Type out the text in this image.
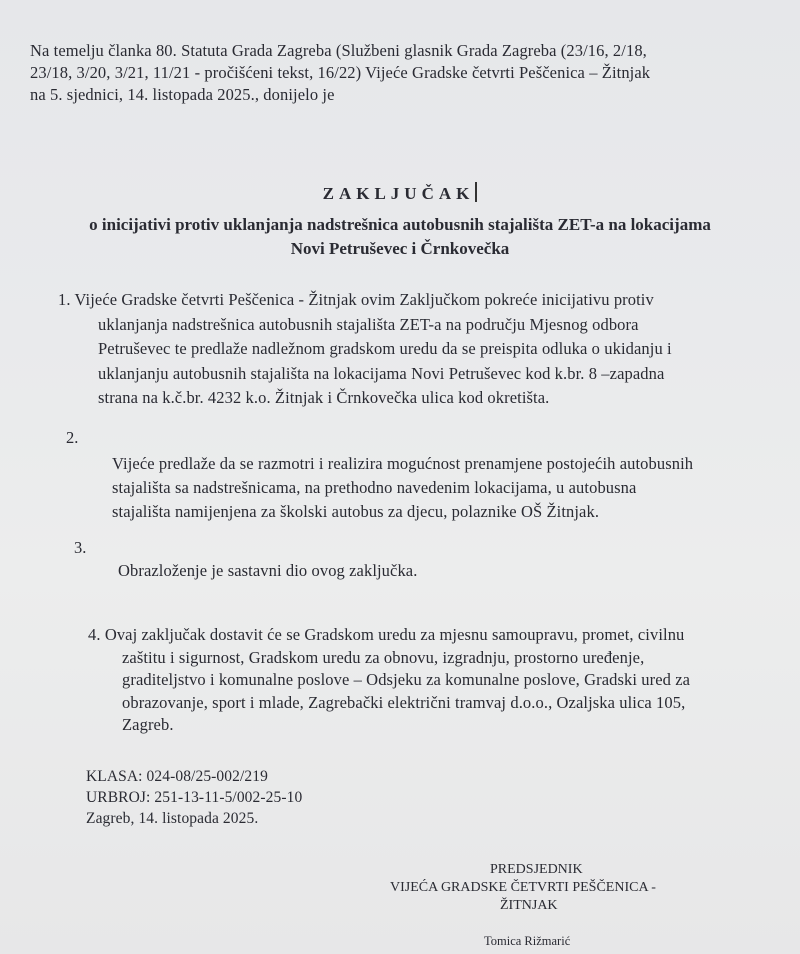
Na temelju članka 80. Statuta Grada Zagreba (Službeni glasnik Grada Zagreba (23/16, 2/18,
23/18, 3/20, 3/21, 11/21 - pročišćeni tekst, 16/22) Vijeće Gradske četvrti Peščenica – Žitnjak
na 5. sjednici, 14. listopada 2025., donijelo je
ZAKLJUČAK
o inicijativi protiv uklanjanja nadstrešnica autobusnih stajališta ZET-a na lokacijama
Novi Petruševec i Črnkovečka
1. Vijeće Gradske četvrti Peščenica - Žitnjak ovim Zaključkom pokreće inicijativu protiv
uklanjanja nadstrešnica autobusnih stajališta ZET-a na području Mjesnog odbora
Petruševec te predlaže nadležnom gradskom uredu da se preispita odluka o ukidanju i
uklanjanju autobusnih stajališta na lokacijama Novi Petruševec kod k.br. 8 –zapadna
strana na k.č.br. 4232 k.o. Žitnjak i Črnkovečka ulica kod okretišta.
2.
Vijeće predlaže da se razmotri i realizira mogućnost prenamjene postojećih autobusnih
stajališta sa nadstrešnicama, na prethodno navedenim lokacijama, u autobusna
stajališta namijenjena za školski autobus za djecu, polaznike OŠ Žitnjak.
3.
Obrazloženje je sastavni dio ovog zaključka.
4. Ovaj zaključak dostavit će se Gradskom uredu za mjesnu samoupravu, promet, civilnu
zaštitu i sigurnost, Gradskom uredu za obnovu, izgradnju, prostorno uređenje,
graditeljstvo i komunalne poslove – Odsjeku za komunalne poslove, Gradski ured za
obrazovanje, sport i mlade, Zagrebački električni tramvaj d.o.o., Ozaljska ulica 105,
Zagreb.
KLASA: 024-08/25-002/219
URBROJ: 251-13-11-5/002-25-10
Zagreb, 14. listopada 2025.
PREDSJEDNIK
VIJEĆA GRADSKE ČETVRTI PEŠČENICA -
ŽITNJAK
Tomica Rižmarić
